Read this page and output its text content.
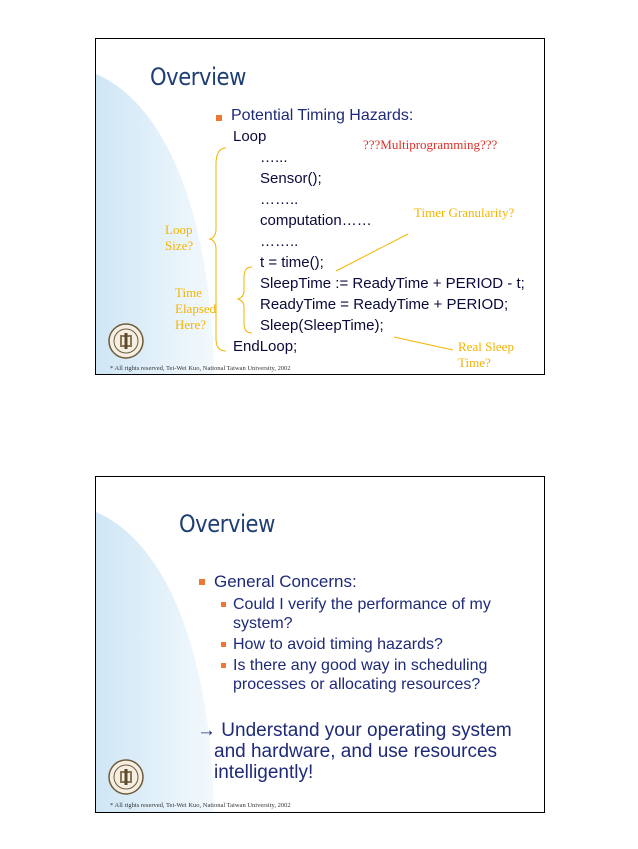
Overview
Potential Timing Hazards:
Loop
…...
Sensor();
……..
computation……
……..
t = time();
SleepTime := ReadyTime + PERIOD - t;
ReadyTime = ReadyTime + PERIOD;
Sleep(SleepTime);
EndLoop;
???Multiprogramming???
Timer Granularity?
Loop
Size?
Time
Elapsed
Here?
Real Sleep
Time?
* All rights reserved, Tei-Wei Kuo, National Taiwan University, 2002
Overview
General Concerns:
Could I verify the performance of my
system?
How to avoid timing hazards?
Is there any good way in scheduling
processes or allocating resources?
→ Understand your operating system
and hardware, and use resources
intelligently!
* All rights reserved, Tei-Wei Kuo, National Taiwan University, 2002
